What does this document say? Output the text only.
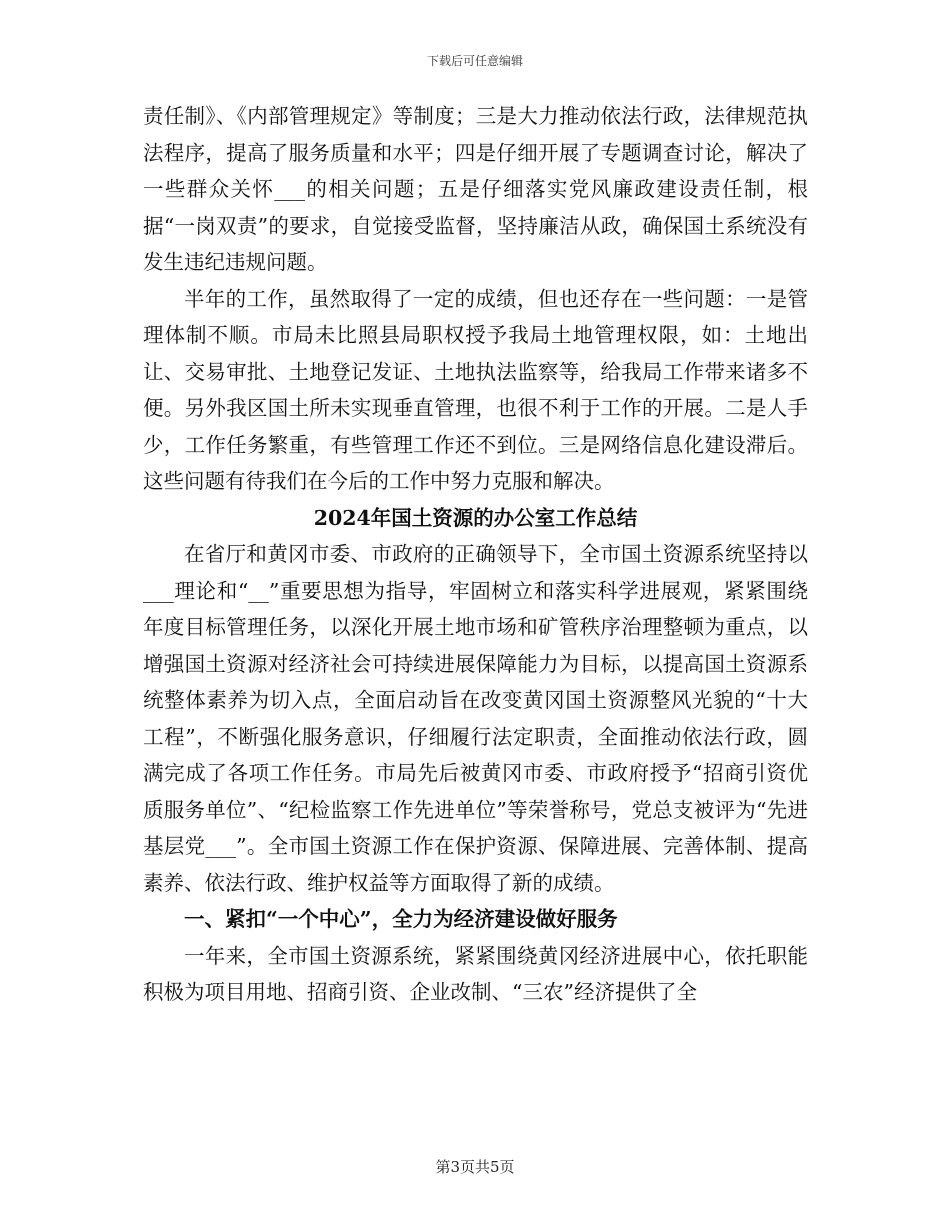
下载后可任意编辑

责任制》、《内部管理规定》等制度；三是大力推动依法行政，法律规范执法程序，提高了服务质量和水平；四是仔细开展了专题调查讨论，解决了一些群众关怀___的相关问题；五是仔细落实党风廉政建设责任制，根据“一岗双责”的要求，自觉接受监督，坚持廉洁从政，确保国土系统没有发生违纪违规问题。

半年的工作，虽然取得了一定的成绩，但也还存在一些问题：一是管理体制不顺。市局未比照县局职权授予我局土地管理权限，如：土地出让、交易审批、土地登记发证、土地执法监察等，给我局工作带来诸多不便。另外我区国土所未实现垂直管理，也很不利于工作的开展。二是人手少，工作任务繁重，有些管理工作还不到位。三是网络信息化建设滞后。这些问题有待我们在今后的工作中努力克服和解决。

2024年国土资源的办公室工作总结

在省厅和黄冈市委、市政府的正确领导下，全市国土资源系统坚持以___理论和“__”重要思想为指导，牢固树立和落实科学进展观，紧紧围绕年度目标管理任务，以深化开展土地市场和矿管秩序治理整顿为重点，以增强国土资源对经济社会可持续进展保障能力为目标，以提高国土资源系统整体素养为切入点，全面启动旨在改变黄冈国土资源整风光貌的“十大工程”，不断强化服务意识，仔细履行法定职责，全面推动依法行政，圆满完成了各项工作任务。市局先后被黄冈市委、市政府授予“招商引资优质服务单位”、“纪检监察工作先进单位”等荣誉称号，党总支被评为“先进基层党___”。全市国土资源工作在保护资源、保障进展、完善体制、提高素养、依法行政、维护权益等方面取得了新的成绩。

一、紧扣“一个中心”，全力为经济建设做好服务

一年来，全市国土资源系统，紧紧围绕黄冈经济进展中心，依托职能积极为项目用地、招商引资、企业改制、“三农”经济提供了全

第3页共5页
